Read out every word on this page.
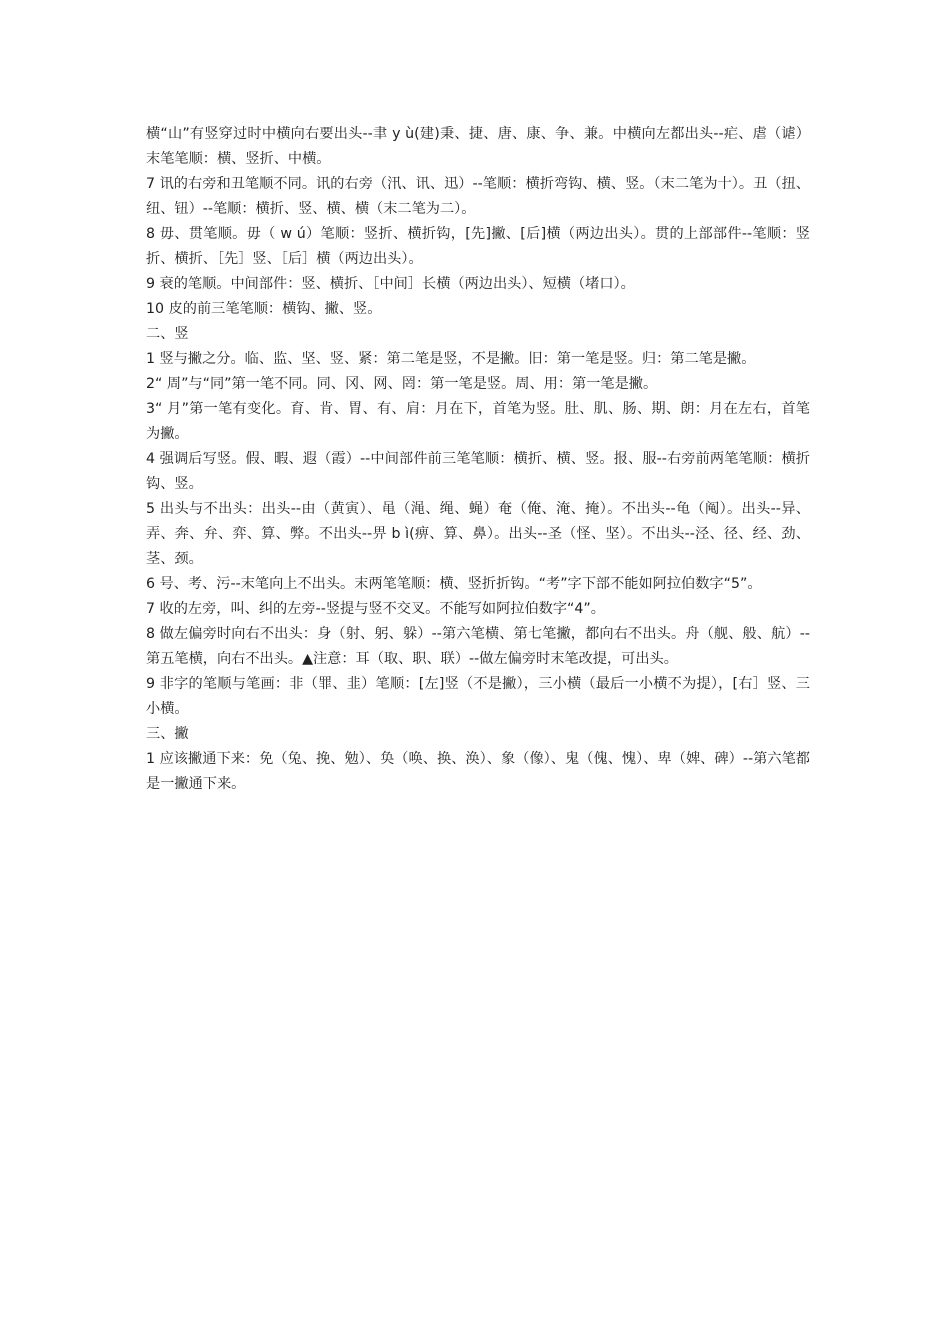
横“山”有竖穿过时中横向右要出头--聿 y ù(建)秉、捷、唐、康、争、兼。中横向左都出头--疟、虐（谑）末笔笔顺：横、竖折、中横。

7 讯的右旁和丑笔顺不同。讯的右旁（汛、讯、迅）--笔顺：横折弯钩、横、竖。（末二笔为十）。丑（扭、纽、钮）--笔顺：横折、竖、横、横（末二笔为二）。

8 毋、贯笔顺。毋（ w ú）笔顺：竖折、横折钩，[先]撇、[后]横（两边出头）。贯的上部部件--笔顺：竖折、横折、［先］竖、［后］横（两边出头）。

9 衰的笔顺。中间部件：竖、横折、［中间］长横（两边出头）、短横（堵口）。

10 皮的前三笔笔顺：横钩、撇、竖。

二、竖

1 竖与撇之分。临、监、坚、竖、紧：第二笔是竖，不是撇。旧：第一笔是竖。归：第二笔是撇。

2“ 周”与“同”第一笔不同。同、冈、网、罔：第一笔是竖。周、用：第一笔是撇。

3“ 月”第一笔有变化。育、肯、胃、有、肩：月在下，首笔为竖。肚、肌、肠、期、朗：月在左右，首笔为撇。

4 强调后写竖。假、暇、遐（霞）--中间部件前三笔笔顺：横折、横、竖。报、服--右旁前两笔笔顺：横折钩、竖。

5 出头与不出头：出头--由（黄寅）、黾（渑、绳、蝇）奄（俺、淹、掩）。不出头--龟（阄）。出头--异、弄、奔、弁、弈、算、弊。不出头--畀 b ì(痹、算、鼻）。出头--圣（怪、坚）。不出头--泾、径、经、劲、茎、颈。

6 号、考、污--末笔向上不出头。末两笔笔顺：横、竖折折钩。“考”字下部不能如阿拉伯数字“5”。

7 收的左旁，叫、纠的左旁--竖提与竖不交叉。不能写如阿拉伯数字“4”。

8 做左偏旁时向右不出头：身（射、躬、躲）--第六笔横、第七笔撇，都向右不出头。舟（舰、般、航）--第五笔横，向右不出头。▲注意：耳（取、职、联）--做左偏旁时末笔改提，可出头。

9 非字的笔顺与笔画：非（罪、韭）笔顺：[左]竖（不是撇），三小横（最后一小横不为提），[右］竖、三小横。

三、撇

1 应该撇通下来：免（兔、挽、勉）、奂（唤、换、涣）、象（像）、鬼（傀、愧）、卑（婢、碑）--第六笔都是一撇通下来。
